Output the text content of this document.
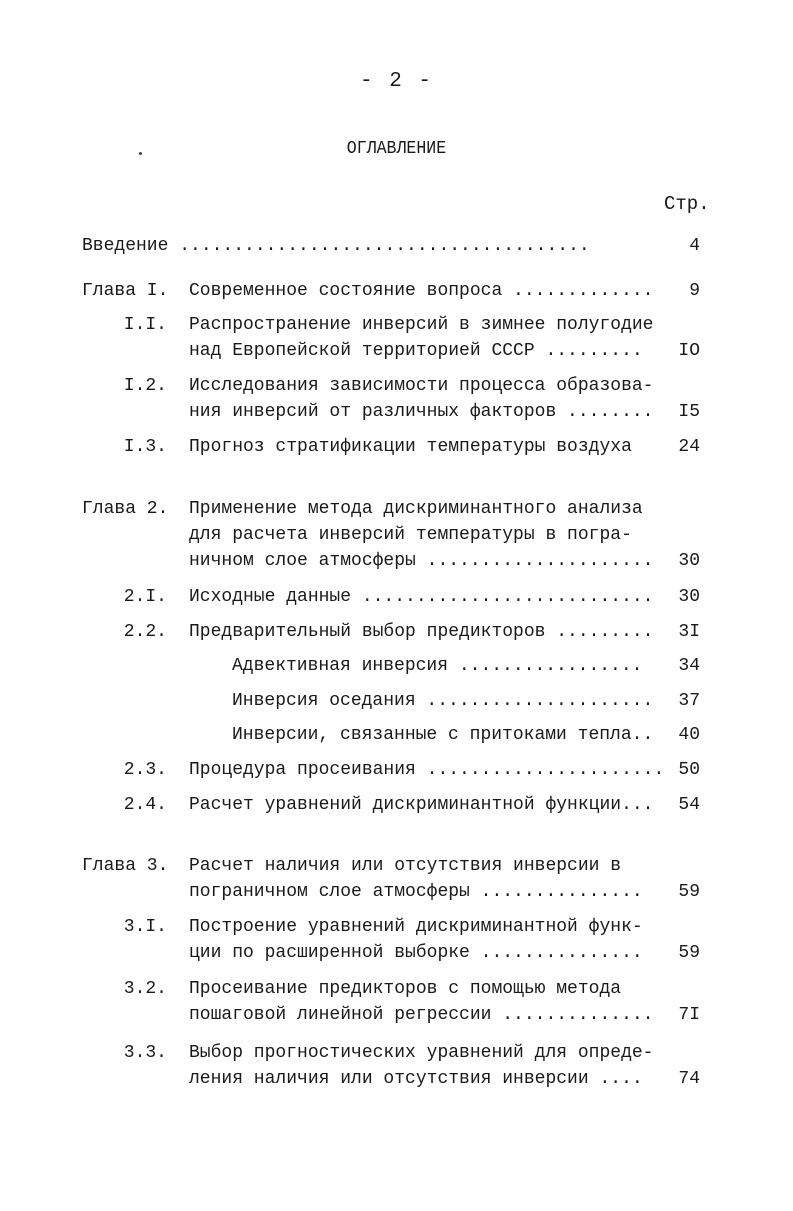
- 2 -
ОГЛАВЛЕНИЕ
Стр.
Введение ......................................	4
Глава I. Современное состояние вопроса .............	9
I.I. Распространение инверсий в зимнее полугодие
над Европейской территорией СССР .........	IO
I.2. Исследования зависимости процесса образова-
ния инверсий от различных факторов ........	I5
I.3. Прогноз стратификации температуры воздуха	24
Глава 2. Применение метода дискриминантного анализа
для расчета инверсий температуры в погра-
ничном слое атмосферы .....................	30
2.I. Исходные данные ...........................	30
2.2. Предварительный выбор предикторов .........	3I
Адвективная инверсия .................	34
Инверсия оседания .....................	37
Инверсии, связанные с притоками тепла..	40
2.3. Процедура просеивания ...................... 50
2.4. Расчет уравнений дискриминантной функции...	54
Глава 3. Расчет наличия или отсутствия инверсии в
пограничном слое атмосферы ...............	59
3.I. Построение уравнений дискриминантной функ-
ции по расширенной выборке ...............	59
3.2. Просеивание предикторов с помощью метода
пошаговой линейной регрессии ..............	7I
3.3. Выбор прогностических уравнений для опреде-
ления наличия или отсутствия инверсии ....	74
